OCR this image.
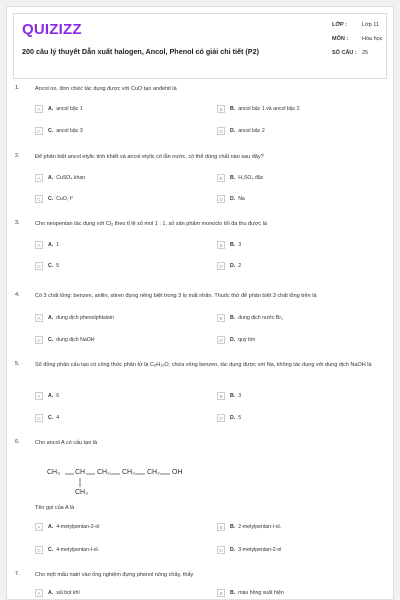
QUIZIZZ
200 câu lý thuyết Dẫn xuất halogen, Ancol, Phenol có giải chi tiết (P2)
LỚP :	Lớp 11
MÔN :	Hóa học
SỐ CÂU : 25
1.	Ancol no, đơn chức tác dụng được với CuO tạo anđehit là
A	A. ancol bậc 1	B	B. ancol bậc 1 và ancol bậc 2
C	C. ancol bậc 3	D	D. ancol bậc 2
2.	Để phân biệt ancol etylic tinh khiết và ancol etylic có lẫn nước, có thể dùng chất nào sau đây?
A	A. CuSO₄ khan	B	B. H₂SO₄ đặc
C	C. CuO, t°	D	D. Na
3.	Cho neopentan tác dụng với Cl₂ theo tỉ lệ số mol 1 : 1, số sản phẩm monoclo tối đa thu được là
A	A. 1	B	B. 3
C	C. 5	D	D. 2
4.	Có 3 chất lỏng: benzen, anilin, stiren đựng riêng biệt trong 3 lọ mất nhãn. Thuốc thử để phân biệt 3 chất lỏng trên là
A	A. dung dịch phenolphtalein	B	B. dung dịch nước Br₂
C	C. dung dịch NaOH	D	D. quỳ tím
5.	Số đồng phân cấu tạo có công thức phân tử là C₈H₁₀O, chứa vòng benzen, tác dụng được với Na, không tác dụng với dung dịch NaOH là
A	A. 6	B	B. 3
C	C. 4	D	D. 5
6.	Cho ancol A có cấu tạo là
CH₃ CH CH₂ CH₂ CH₂ OH
CH₃
Tên gọi của A là
A	A. 4-metylpentan-2-ol	B	B. 2-metylpentan-l-ol.
C	C. 4-metylpentan-l-ol.	D	D. 3-metylpentan-2-ol
7.	Cho một mẩu natri vào ống nghiệm đựng phenol nóng chảy, thấy
A	A. sủi bọt khí	B	B. màu hồng xuất hiện
